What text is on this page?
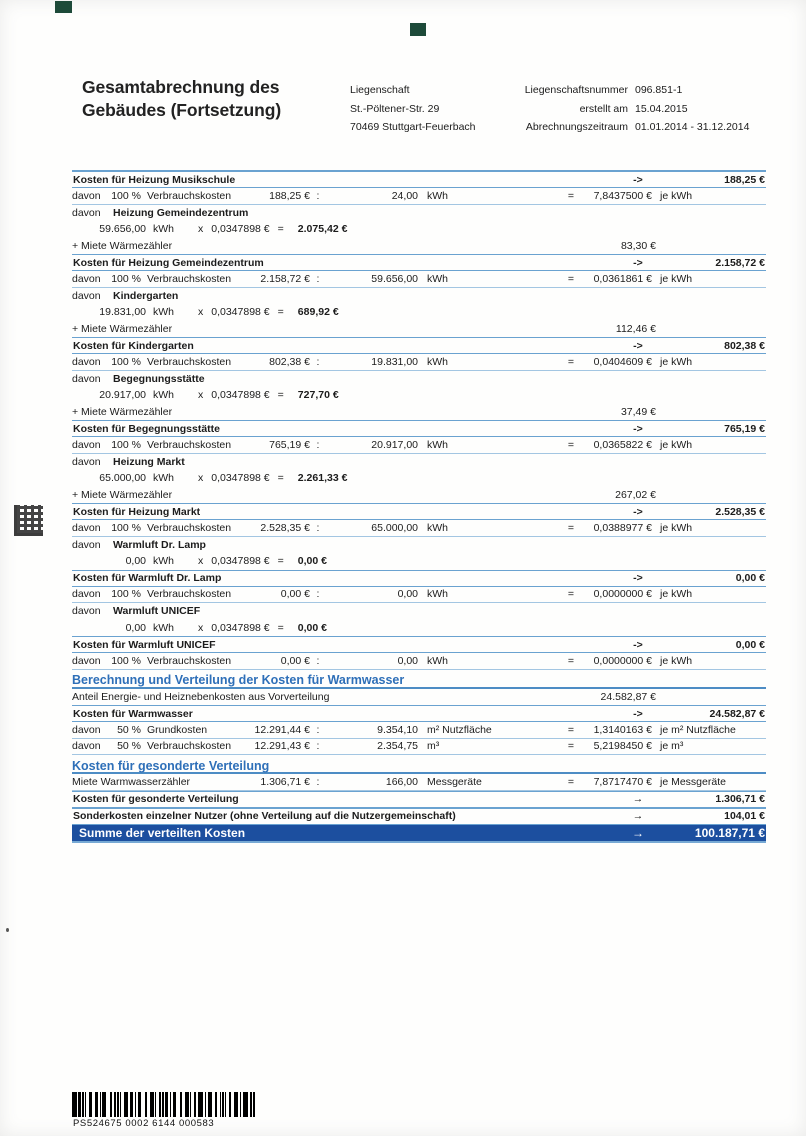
Gesamtabrechnung des
Gebäudes (Fortsetzung)
Liegenschaft
St.-Pöltener-Str. 29
70469 Stuttgart-Feuerbach
Liegenschaftsnummer 096.851-1
erstellt am 15.04.2015
Abrechnungszeitraum 01.01.2014 - 31.12.2014
Kosten für Heizung Musikschule	->	188,25 €
davon	100 % Verbrauchskosten	188,25 € :	24,00 kWh	=	7,8437500 € je kWh
davon	Heizung Gemeindezentrum
59.656,00 kWh	x 0,0347898 € = 2.075,42 €
+ Miete Wärmezähler	83,30 €
Kosten für Heizung Gemeindezentrum	->	2.158,72 €
davon	100 % Verbrauchskosten	2.158,72 € :	59.656,00 kWh	=	0,0361861 € je kWh
davon	Kindergarten
19.831,00 kWh	x 0,0347898 € = 689,92 €
+ Miete Wärmezähler	112,46 €
Kosten für Kindergarten	->	802,38 €
davon	100 % Verbrauchskosten	802,38 € :	19.831,00 kWh	=	0,0404609 € je kWh
davon	Begegnungsstätte
20.917,00 kWh	x 0,0347898 € = 727,70 €
+ Miete Wärmezähler	37,49 €
Kosten für Begegnungsstätte	->	765,19 €
davon	100 % Verbrauchskosten	765,19 € :	20.917,00 kWh	=	0,0365822 € je kWh
davon	Heizung Markt
65.000,00 kWh	x 0,0347898 € = 2.261,33 €
+ Miete Wärmezähler	267,02 €
Kosten für Heizung Markt	->	2.528,35 €
davon	100 % Verbrauchskosten	2.528,35 € :	65.000,00 kWh	=	0,0388977 € je kWh
davon	Warmluft Dr. Lamp
0,00 kWh	x 0,0347898 € = 0,00 €
Kosten für Warmluft Dr. Lamp	->	0,00 €
davon	100 % Verbrauchskosten	0,00 € :	0,00 kWh	=	0,0000000 € je kWh
davon	Warmluft UNICEF
0,00 kWh	x 0,0347898 € = 0,00 €
Kosten für Warmluft UNICEF	->	0,00 €
davon	100 % Verbrauchskosten	0,00 € :	0,00 kWh	=	0,0000000 € je kWh
Berechnung und Verteilung der Kosten für Warmwasser
Anteil Energie- und Heiznebenkosten aus Vorverteilung	24.582,87 €
Kosten für Warmwasser	->	24.582,87 €
davon	50 % Grundkosten	12.291,44 € :	9.354,10 m² Nutzfläche	=	1,3140163 € je m² Nutzfläche
davon	50 % Verbrauchskosten	12.291,43 € :	2.354,75 m³	=	5,2198450 € je m³
Kosten für gesonderte Verteilung
Miete Warmwasserzähler	1.306,71 € :	166,00 Messgeräte	=	7,8717470 € je Messgeräte
Kosten für gesonderte Verteilung	→	1.306,71 €
Sonderkosten einzelner Nutzer (ohne Verteilung auf die Nutzergemeinschaft)	→	104,01 €
Summe der verteilten Kosten	→	100.187,71 €
PS524675 0002 6144 000583
